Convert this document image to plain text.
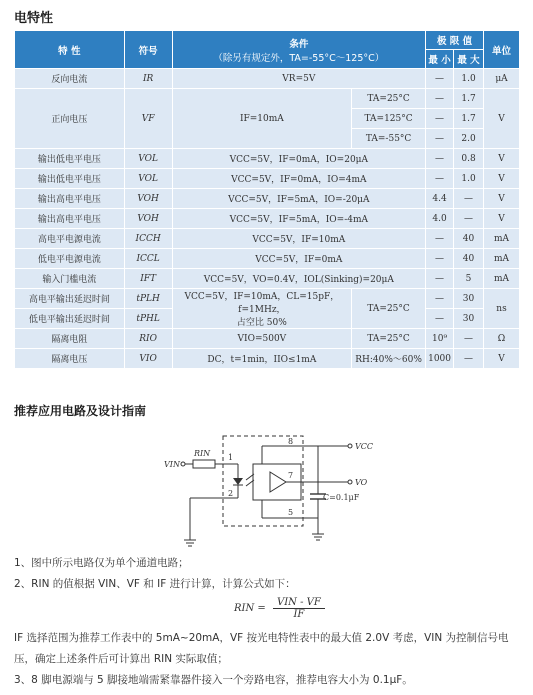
电特性
特 性	符号	条件
（除另有规定外，TA=-55°C～125°C）		极 限 值		单位
				最 小	最 大	
反向电流	IR	VR=5V		—	1.0	μA
正向电压	VF	IF=10mA	TA=25°C	—	1.7	V
			TA=125°C	—	1.7	
			TA=-55°C	—	2.0	
输出低电平电压	VOL	VCC=5V，IF=0mA，IO=20μA		—	0.8	V
输出低电平电压	VOL	VCC=5V，IF=0mA，IO=4mA		—	1.0	V
输出高电平电压	VOH	VCC=5V，IF=5mA，IO=-20μA		4.4	—	V
输出高电平电压	VOH	VCC=5V，IF=5mA，IO=-4mA		4.0	—	V
高电平电源电流	ICCH	VCC=5V，IF=10mA		—	40	mA
低电平电源电流	ICCL	VCC=5V，IF=0mA		—	40	mA
输入门槛电流	IFT	VCC=5V，VO=0.4V，IOL(Sinking)=20μA		—	5	mA
高电平输出延迟时间	tPLH	VCC=5V，IF=10mA，CL=15pF，f=1MHz，
占空比 50%	TA=25°C	—	30	ns
低电平输出延迟时间	tPHL			—	30	
隔离电阻	RIO	VIO=500V	TA=25°C	10⁹	—	Ω
隔离电压	VIO	DC，t=1min，IIO≤1mA	RH:40%～60%	1000	—	V
推荐应用电路及设计指南
VIN
RIN 1
2
7
8
5
C=0.1μF
VCC
VO
1、图中所示电路仅为单个通道电路；
2、RIN 的值根据 VIN、VF 和 IF 进行计算，计算公式如下：
RIN =
VIN - VF
IF
IF 选择范围为推荐工作表中的 5mA~20mA，VF 按光电特性表中的最大值 2.0V 考虑，VIN 为控制信号电
压，确定上述条件后可计算出 RIN 实际取值；
3、8 脚电源端与 5 脚接地端需紧靠器件接入一个旁路电容，推荐电容大小为 0.1μF。
